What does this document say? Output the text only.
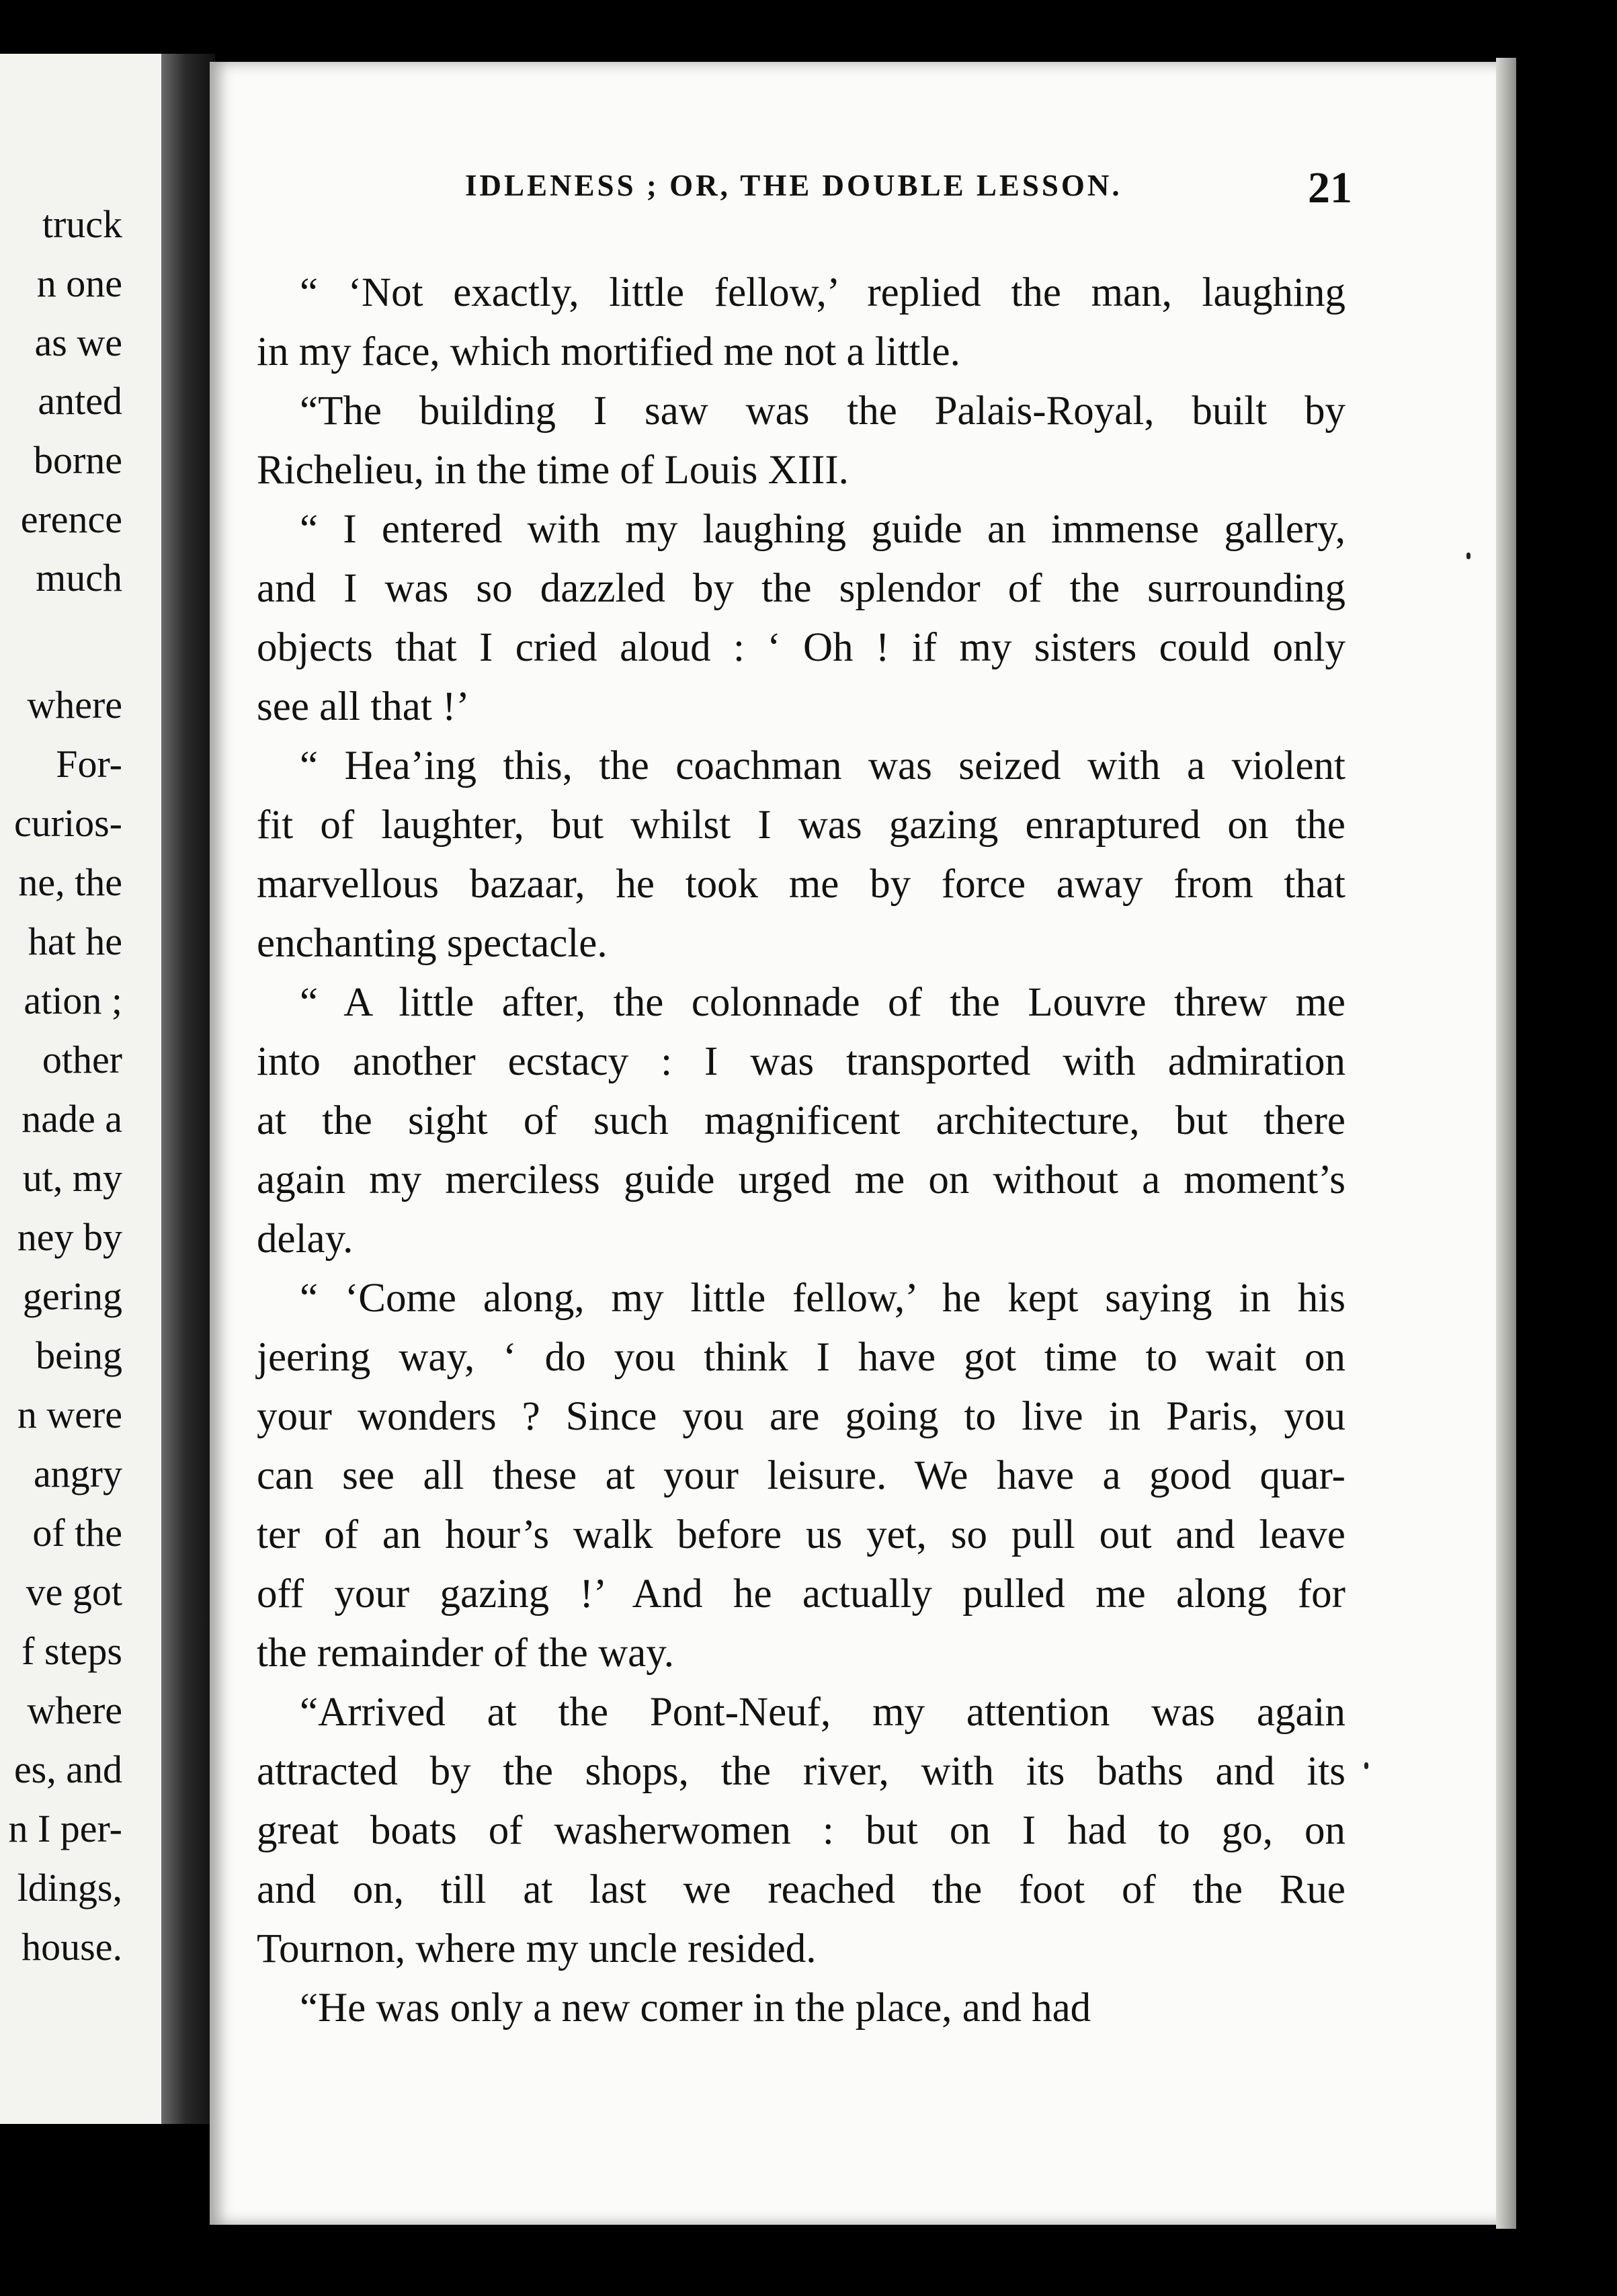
truck
n one
as we
anted
borne
erence
much
where
For-
curios-
ne, the
hat he
ation ;
other
nade a
ut, my
ney by
gering
being
n were
angry
of the
ve got
f steps
where
es, and
n I per-
ldings,
house.
IDLENESS ; OR, THE DOUBLE LESSON.	21
“ ‘Not exactly, little fellow,’ replied the man, laughing
in my face, which mortified me not a little.
“The building I saw was the Palais-Royal, built by
Richelieu, in the time of Louis XIII.
“ I entered with my laughing guide an immense gallery,
and I was so dazzled by the splendor of the surrounding
objects that I cried aloud : ‘ Oh ! if my sisters could only
see all that !’
“ Hea’ing this, the coachman was seized with a violent
fit of laughter, but whilst I was gazing enraptured on the
marvellous bazaar, he took me by force away from that
enchanting spectacle.
“ A little after, the colonnade of the Louvre threw me
into another ecstacy : I was transported with admiration
at the sight of such magnificent architecture, but there
again my merciless guide urged me on without a moment’s
delay.
“ ‘Come along, my little fellow,’ he kept saying in his
jeering way, ‘ do you think I have got time to wait on
your wonders ? Since you are going to live in Paris, you
can see all these at your leisure. We have a good quar-
ter of an hour’s walk before us yet, so pull out and leave
off your gazing !’ And he actually pulled me along for
the remainder of the way.
“Arrived at the Pont-Neuf, my attention was again
attracted by the shops, the river, with its baths and its
great boats of washerwomen : but on I had to go, on
and on, till at last we reached the foot of the Rue
Tournon, where my uncle resided.
“He was only a new comer in the place, and had
